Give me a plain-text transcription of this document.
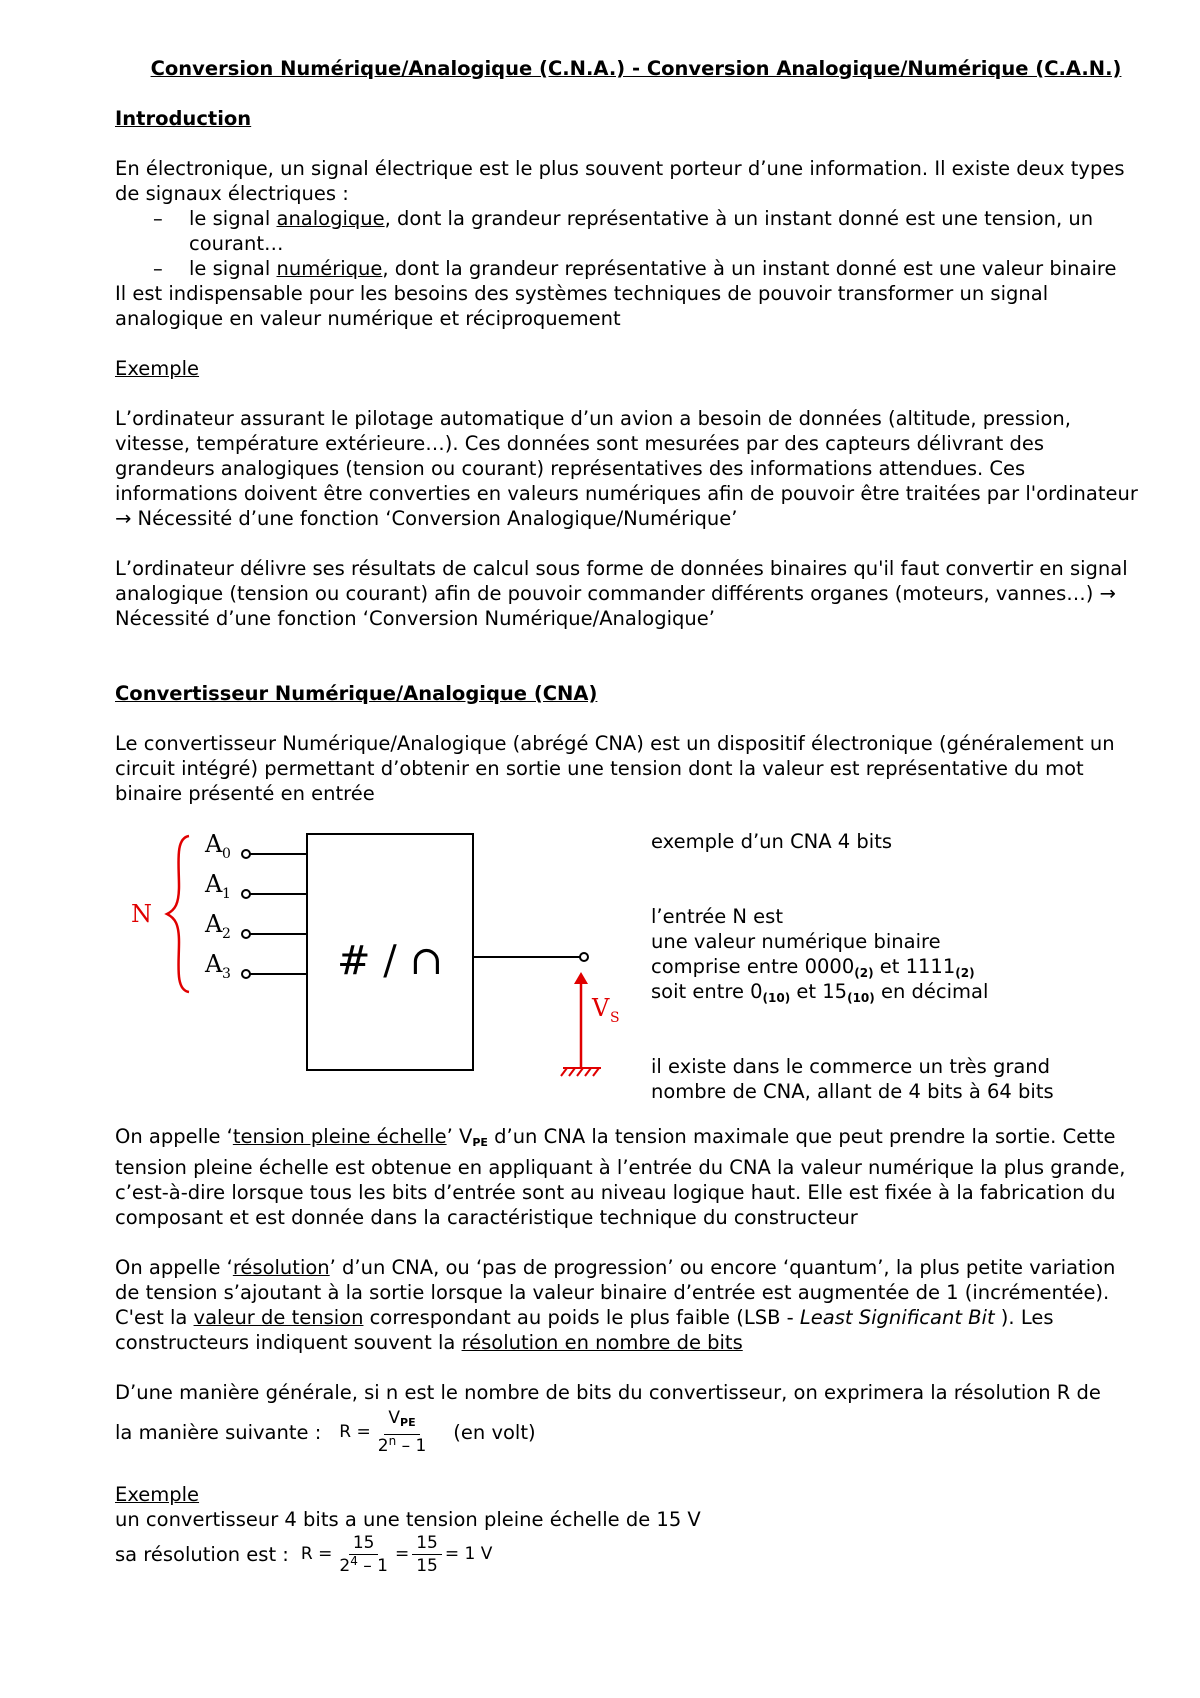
Conversion Numérique/Analogique (C.N.A.) - Conversion Analogique/Numérique (C.A.N.)

Introduction

En électronique, un signal électrique est le plus souvent porteur d’une information. Il existe deux types de signaux électriques :

– le signal analogique, dont la grandeur représentative à un instant donné est une tension, un courant…
– le signal numérique, dont la grandeur représentative à un instant donné est une valeur binaire

Il est indispensable pour les besoins des systèmes techniques de pouvoir transformer un signal analogique en valeur numérique et réciproquement

Exemple

L’ordinateur assurant le pilotage automatique d’un avion a besoin de données (altitude, pression, vitesse, température extérieure…). Ces données sont mesurées par des capteurs délivrant des grandeurs analogiques (tension ou courant) représentatives des informations attendues. Ces informations doivent être converties en valeurs numériques afin de pouvoir être traitées par l'ordinateur → Nécessité d’une fonction ‘Conversion Analogique/Numérique’

L’ordinateur délivre ses résultats de calcul sous forme de données binaires qu'il faut convertir en signal analogique (tension ou courant) afin de pouvoir commander différents organes (moteurs, vannes…) → Nécessité d’une fonction ‘Conversion Numérique/Analogique’

Convertisseur Numérique/Analogique (CNA)

Le convertisseur Numérique/Analogique (abrégé CNA) est un dispositif électronique (généralement un circuit intégré) permettant d’obtenir en sortie une tension dont la valeur est représentative du mot binaire présenté en entrée

N
A 0
A 1
A 2
A 3	# / ∩
V S

exemple d’un CNA 4 bits

l’entrée N est

une valeur numérique binaire

comprise entre $0000_{(2)}$ et $1111_{(2)}$

soit entre $0_{(10)}$ et $15_{(10)}$ en décimal

il existe dans le commerce un très grand

nombre de CNA, allant de 4 bits à 64 bits

On appelle ‘tension pleine échelle’ VPE d’un CNA la tension maximale que peut prendre la sortie. Cette tension pleine échelle est obtenue en appliquant à l’entrée du CNA la valeur numérique la plus grande, c’est-à-dire lorsque tous les bits d’entrée sont au niveau logique haut. Elle est fixée à la fabrication du composant et est donnée dans la caractéristique technique du constructeur

On appelle ‘résolution’ d’un CNA, ou ‘pas de progression’ ou encore ‘quantum’, la plus petite variation de tension s’ajoutant à la sortie lorsque la valeur binaire d’entrée est augmentée de 1 (incrémentée). C'est la valeur de tension correspondant au poids le plus faible (LSB - Least Significant Bit ). Les constructeurs indiquent souvent la résolution en nombre de bits

D’une manière générale, si n est le nombre de bits du convertisseur, on exprimera la résolution R de

la manière suivante : $R = \frac{\text{VPE}}{2^n - 1} (en$ volt)

Exemple

un convertisseur 4 bits a une tension pleine échelle de 15 V

sa résolution est : $R = \frac{15}{2^4 - 1} = \frac{15}{15} = 1$ V
